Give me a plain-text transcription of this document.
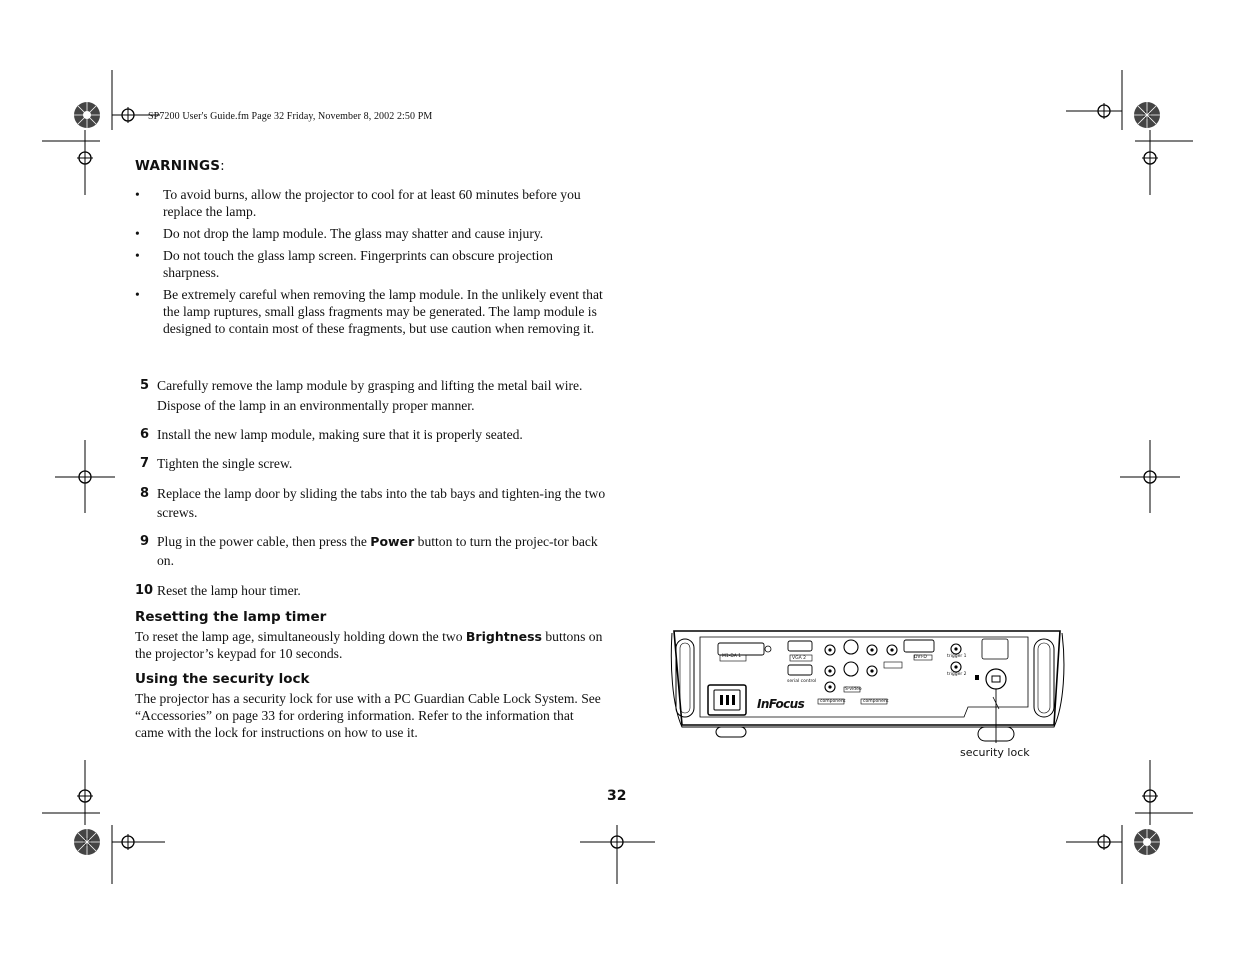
SP7200 User's Guide.fm Page 32 Friday, November 8, 2002 2:50 PM
WARNINGS:
• To avoid burns, allow the projector to cool for at least 60 minutes before you replace the lamp.
• Do not drop the lamp module. The glass may shatter and cause injury.
• Do not touch the glass lamp screen. Fingerprints can obscure projection sharpness.
• Be extremely careful when removing the lamp module. In the unlikely event that the lamp ruptures, small glass fragments may be generated. The lamp module is designed to contain most of these fragments, but use caution when removing it.
5 Carefully remove the lamp module by grasping and lifting the metal bail wire. Dispose of the lamp in an environmentally proper manner.
6 Install the new lamp module, making sure that it is properly seated.
7 Tighten the single screw.
8 Replace the lamp door by sliding the tabs into the tab bays and tighten-ing the two screws.
9 Plug in the power cable, then press the Power button to turn the projec-tor back on.
10 Reset the lamp hour timer.
Resetting the lamp timer
To reset the lamp age, simultaneously holding down the two Brightness buttons on the projector’s keypad for 10 seconds.
Using the security lock
The projector has a security lock for use with a PC Guardian Cable Lock System. See “Accessories” on page 33 for ordering information. Refer to the information that came with the lock for instructions on how to use it.
InFocus
M1-DA 1	VGA 2
serial control
trigger 1
trigger 2
component	component
S-video
DVI-D
security lock
32
